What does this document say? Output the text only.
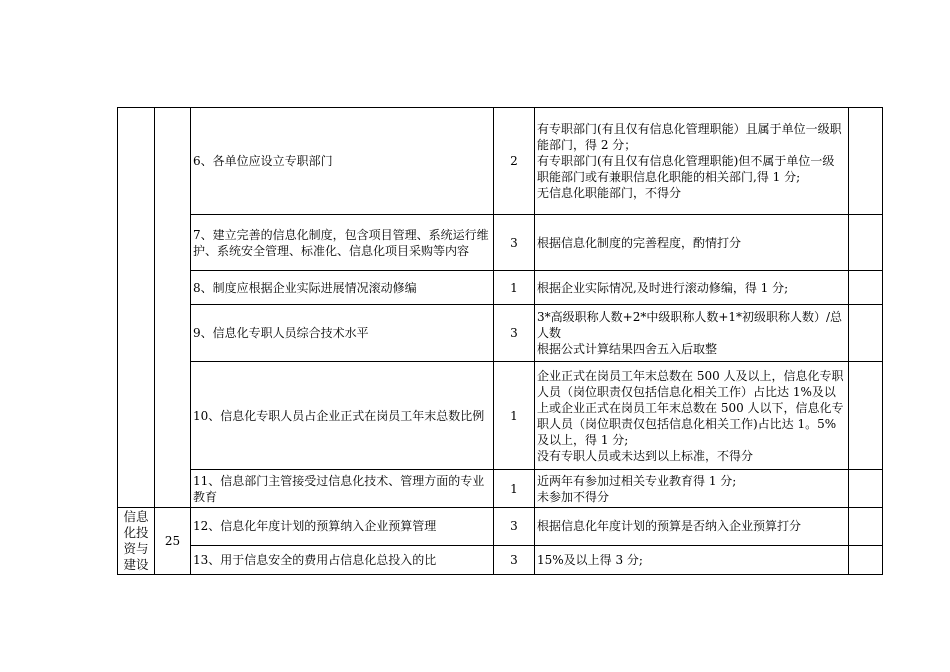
		6、各单位应设立专职部门	2	有专职部门(有且仅有信息化管理职能）且属于单位一级职能部门，得 2 分；
有专职部门(有且仅有信息化管理职能)但不属于单位一级职能部门或有兼职信息化职能的相关部门,得 1 分;
无信息化职能部门，不得分	

		7、建立完善的信息化制度，包含项目管理、系统运行维护、系统安全管理、标准化、信息化项目采购等内容	3	根据信息化制度的完善程度，酌情打分	

		8、制度应根据企业实际进展情况滚动修编	1	根据企业实际情况,及时进行滚动修编，得 1 分;	

		9、信息化专职人员综合技术水平	3	3*高级职称人数+2*中级职称人数+1*初级职称人数）/总人数
根据公式计算结果四舍五入后取整	

		10、信息化专职人员占企业正式在岗员工年末总数比例	1	企业正式在岗员工年末总数在 500 人及以上，信息化专职人员（岗位职责仅包括信息化相关工作）占比达 1%及以上或企业正式在岗员工年末总数在 500 人以下，信息化专职人员（岗位职责仅包括信息化相关工作)占比达 1。5%及以上，得 1 分;
没有专职人员或未达到以上标准，不得分	

		11、信息部门主管接受过信息化技术、管理方面的专业教育	1	近两年有参加过相关专业教育得 1 分;
未参加不得分	

信息化投资与建设	25	12、信息化年度计划的预算纳入企业预算管理	3	根据信息化年度计划的预算是否纳入企业预算打分	

		13、用于信息安全的费用占信息化总投入的比	3	15%及以上得 3 分;	
